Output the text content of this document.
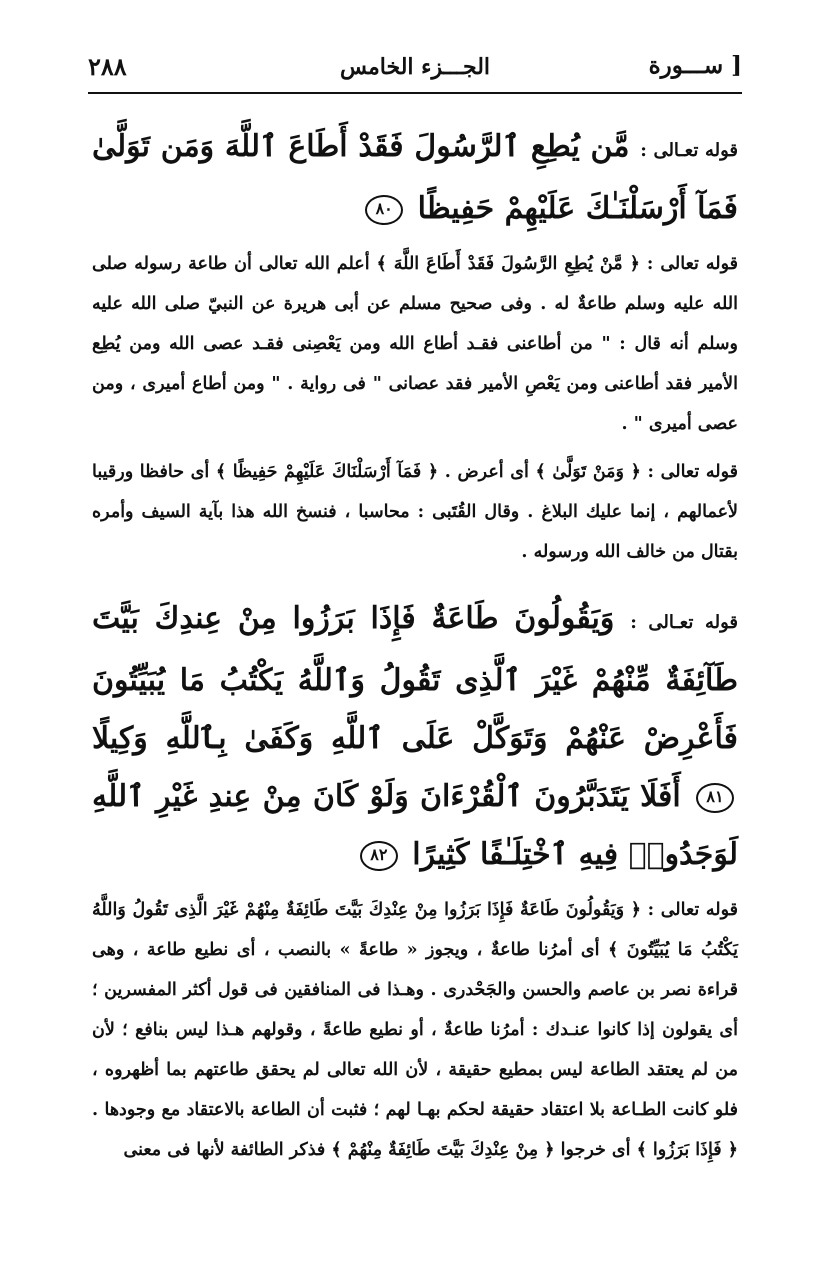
٢٨٨	الجـــزء الخامس	[ ســـورة

قوله تعـالى : مَّن يُطِعِ ٱلرَّسُولَ فَقَدْ أَطَاعَ ٱللَّهَ وَمَن تَوَلَّىٰ فَمَآ أَرْسَلْنَـٰكَ عَلَيْهِمْ حَفِيظًا ٨٠

قوله تعالى : ﴿ مَّنْ يُطِعِ الرَّسُولَ فَقَدْ أَطَاعَ اللَّهَ ﴾ أعلم الله تعالى أن طاعة رسوله صلى الله عليه وسلم طاعةٌ له . وفى صحيح مسلم عن أبى هريرة عن النبيّ صلى الله عليه وسلم أنه قال : " من أطاعنى فقـد أطاع الله ومن يَعْصِنى فقـد عصى الله ومن يُطِع الأمير فقد أطاعنى ومن يَعْصِ الأمير فقد عصانى " فى رواية . " ومن أطاع أميرى ، ومن عصى أميرى " .

قوله تعالى : ﴿ وَمَنْ تَوَلَّىٰ ﴾ أى أعرض . ﴿ فَمَآ أَرْسَلْنَاكَ عَلَيْهِمْ حَفِيظًا ﴾ أى حافظا ورقيبا لأعمالهم ، إنما عليك البلاغ . وقال القُتَبى : محاسبا ، فنسخ الله هذا بآية السيف وأمره بقتال من خالف الله ورسوله .

قوله تعـالى : وَيَقُولُونَ طَاعَةٌ فَإِذَا بَرَزُوا مِنْ عِندِكَ بَيَّتَ طَآئِفَةٌ مِّنْهُمْ غَيْرَ ٱلَّذِى تَقُولُ وَٱللَّهُ يَكْتُبُ مَا يُبَيِّتُونَ فَأَعْرِضْ عَنْهُمْ وَتَوَكَّلْ عَلَى ٱللَّهِ وَكَفَىٰ بِٱللَّهِ وَكِيلًا ٨١ أَفَلَا يَتَدَبَّرُونَ ٱلْقُرْءَانَ وَلَوْ كَانَ مِنْ عِندِ غَيْرِ ٱللَّهِ لَوَجَدُوا۟ فِيهِ ٱخْتِلَـٰفًا كَثِيرًا ٨٢

قوله تعالى : ﴿ وَيَقُولُونَ طَاعَةٌ فَإِذَا بَرَزُوا مِنْ عِنْدِكَ بَيَّتَ طَائِفَةٌ مِنْهُمْ غَيْرَ الَّذِى تَقُولُ وَاللَّهُ يَكْتُبُ مَا يُبَيِّتُونَ ﴾ أى أمرُنا طاعةٌ ، ويجوز « طاعةً » بالنصب ، أى نطيع طاعة ، وهى قراءة نصر بن عاصم والحسن والجَحْدرى . وهـذا فى المنافقين فى قول أكثر المفسرين ؛ أى يقولون إذا كانوا عنـدك : أمرُنا طاعةٌ ، أو نطيع طاعةً ، وقولهم هـذا ليس بنافع ؛ لأن من لم يعتقد الطاعة ليس بمطيع حقيقة ، لأن الله تعالى لم يحقق طاعتهم بما أظهروه ، فلو كانت الطـاعة بلا اعتقاد حقيقة لحكم بهـا لهم ؛ فثبت أن الطاعة بالاعتقاد مع وجودها . ﴿ فَإِذَا بَرَزُوا ﴾ أى خرجوا ﴿ مِنْ عِنْدِكَ بَيَّتَ طَائِفَةٌ مِنْهُمْ ﴾ فذكر الطائفة لأنها فى معنى
